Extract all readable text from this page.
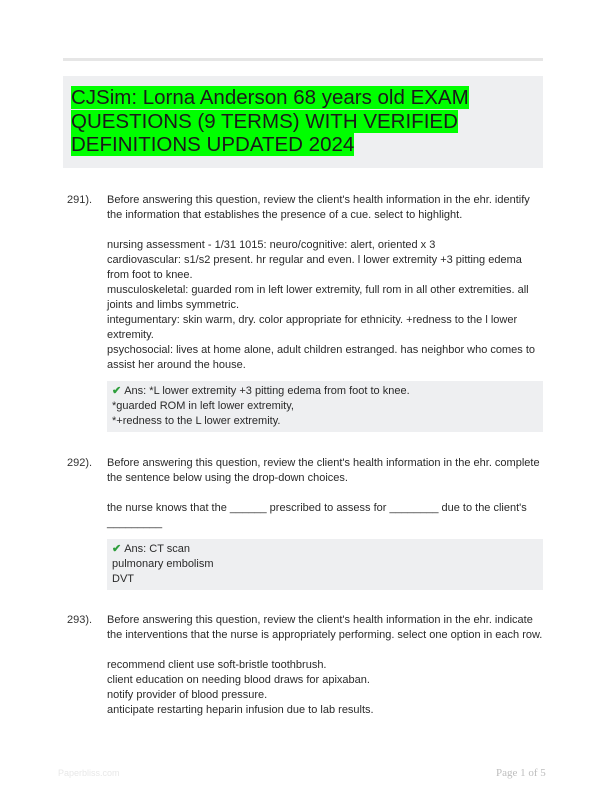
CJSim: Lorna Anderson 68 years old EXAM QUESTIONS (9 TERMS) WITH VERIFIED DEFINITIONS UPDATED 2024
291). Before answering this question, review the client's health information in the ehr. identify the information that establishes the presence of a cue. select to highlight.

nursing assessment - 1/31 1015: neuro/cognitive: alert, oriented x 3

cardiovascular: s1/s2 present. hr regular and even. l lower extremity +3 pitting edema from foot to knee.

musculoskeletal: guarded rom in left lower extremity, full rom in all other extremities. all joints and limbs symmetric.

integumentary: skin warm, dry. color appropriate for ethnicity. +redness to the l lower extremity.

psychosocial: lives at home alone, adult children estranged. has neighbor who comes to assist her around the house.

✔ Ans: *L lower extremity +3 pitting edema from foot to knee.

*guarded ROM in left lower extremity,

*+redness to the L lower extremity.

292). Before answering this question, review the client's health information in the ehr. complete the sentence below using the drop-down choices.

the nurse knows that the ______ prescribed to assess for ________ due to the client's _________

✔ Ans: CT scan

pulmonary embolism

DVT

293). Before answering this question, review the client's health information in the ehr. indicate the interventions that the nurse is appropriately performing. select one option in each row.

recommend client use soft-bristle toothbrush.

client education on needing blood draws for apixaban.

notify provider of blood pressure.

anticipate restarting heparin infusion due to lab results.

Paperbliss.com	Page 1 of 5
